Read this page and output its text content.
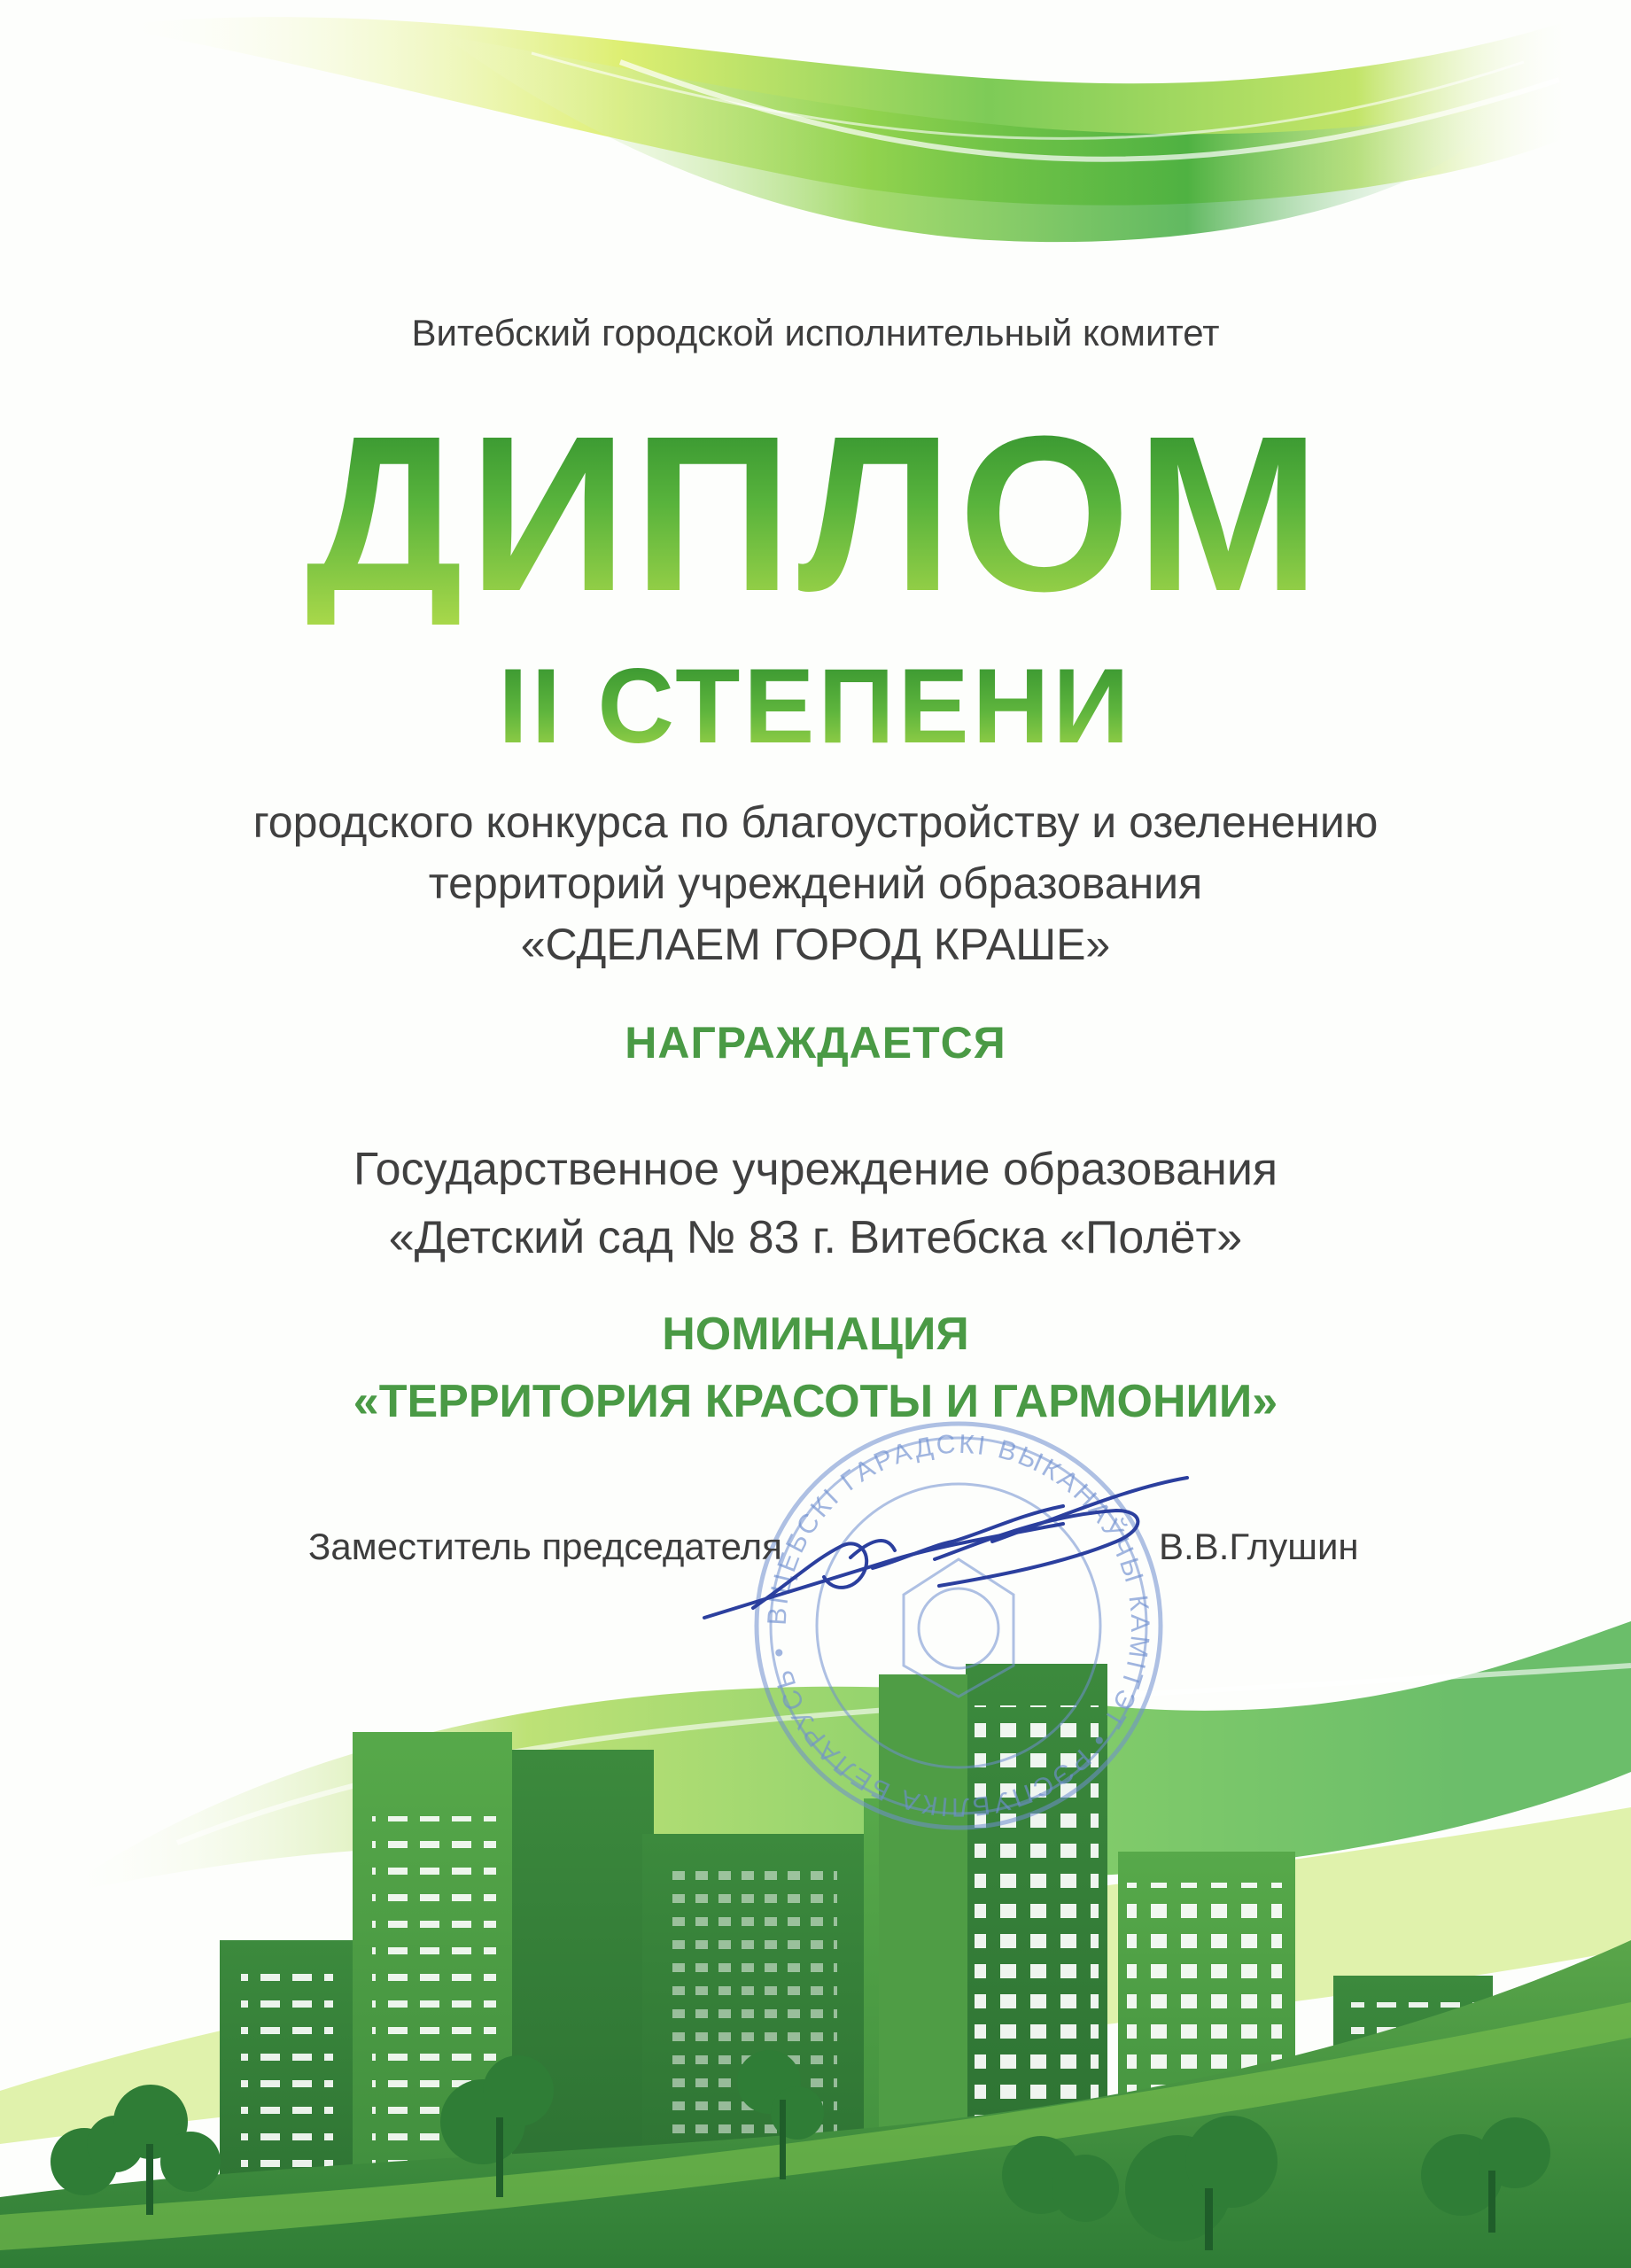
Витебский городской исполнительный комитет
ДИПЛОМ
II СТЕПЕНИ
городского конкурса по благоустройству и озеленению
территорий учреждений образования
«СДЕЛАЕМ ГОРОД КРАШЕ»
НАГРАЖДАЕТСЯ
Государственное учреждение образования
«Детский сад № 83 г. Витебска «Полёт»
НОМИНАЦИЯ
«ТЕРРИТОРИЯ КРАСОТЫ И ГАРМОНИИ»
ВІЦЕБСКІ ГАРАДСКІ ВЫКАНАЎЧЫ КАМІТЭТ • РЭСПУБЛІКА БЕЛАРУСЬ •
Заместитель председателя	В.В.Глушин
